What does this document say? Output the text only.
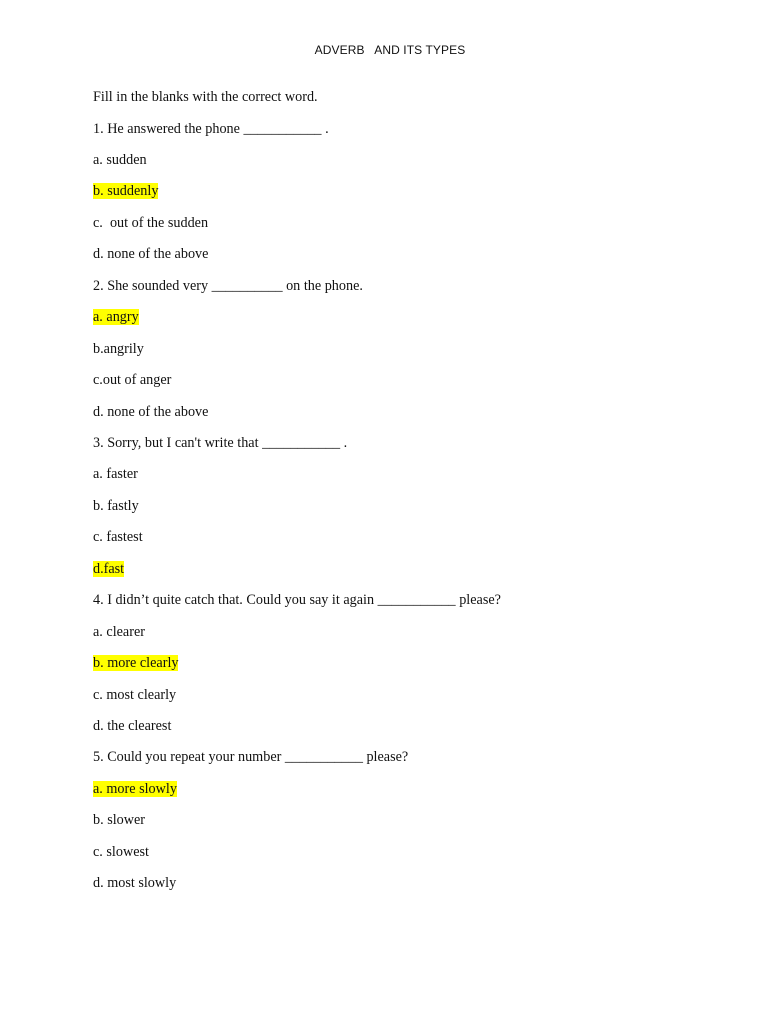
ADVERB   AND ITS TYPES
Fill in the blanks with the correct word.
1. He answered the phone ___________ .
a. sudden
b. suddenly
c.  out of the sudden
d. none of the above
2. She sounded very __________ on the phone.
a. angry
b.angrily
c.out of anger
d. none of the above
3. Sorry, but I can't write that ___________ .
a. faster
b. fastly
c. fastest
d.fast
4. I didn’t quite catch that. Could you say it again ___________ please?
a. clearer
b. more clearly
c. most clearly
d. the clearest
5. Could you repeat your number ___________ please?
a. more slowly
b. slower
c. slowest
d. most slowly
